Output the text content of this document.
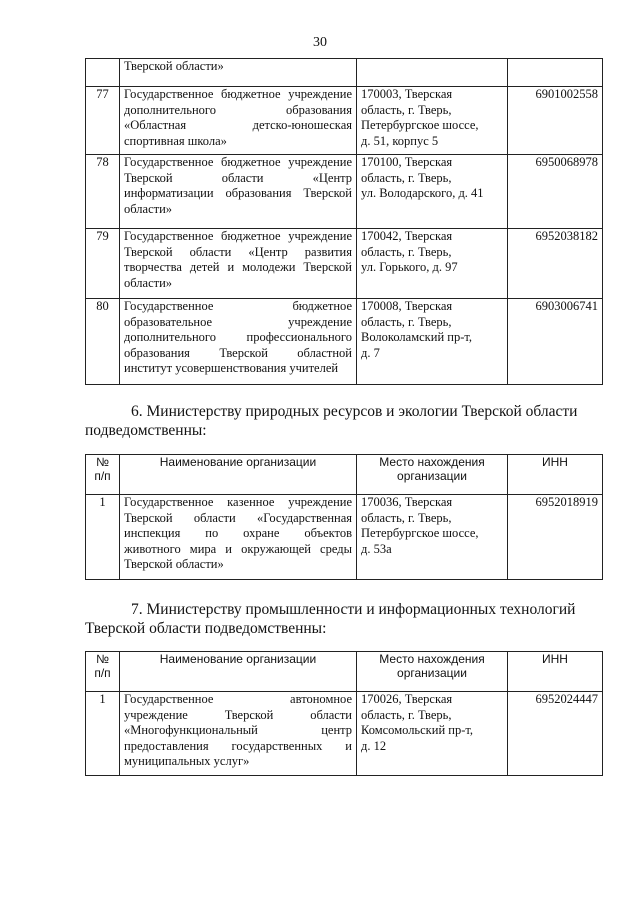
30

	Тверской области»		

77	Государственное бюджетное учреждение
дополнительного образования
«Областная детско-юношеская
спортивная школа»	170003, Тверская
область, г. Тверь,
Петербургское шоссе,
д. 51, корпус 5	6901002558
78	Государственное бюджетное учреждение
Тверской области «Центр
информатизации образования Тверской
области»	170100, Тверская
область, г. Тверь,
ул. Володарского, д. 41	6950068978
79	Государственное бюджетное учреждение
Тверской области «Центр развития
творчества детей и молодежи Тверской
области»	170042, Тверская
область, г. Тверь,
ул. Горького, д. 97	6952038182
80	Государственное бюджетное
образовательное учреждение
дополнительного профессионального
образования Тверской областной
институт усовершенствования учителей	170008, Тверская
область, г. Тверь,
Волоколамский пр-т,
д. 7	6903006741
6. Министерству природных ресурсов и экологии Тверской области
подведомственны:
№
п/п	Наименование организации	Место нахождения
организации	ИНН
1	Государственное казенное учреждение
Тверской области «Государственная
инспекция по охране объектов
животного мира и окружающей среды
Тверской области»	170036, Тверская
область, г. Тверь,
Петербургское шоссе,
д. 53а	6952018919
7. Министерству промышленности и информационных технологий
Тверской области подведомственны:
№
п/п	Наименование организации	Место нахождения
организации	ИНН
1	Государственное автономное
учреждение Тверской области
«Многофункциональный центр
предоставления государственных и
муниципальных услуг»	170026, Тверская
область, г. Тверь,
Комсомольский пр-т,
д. 12	6952024447
